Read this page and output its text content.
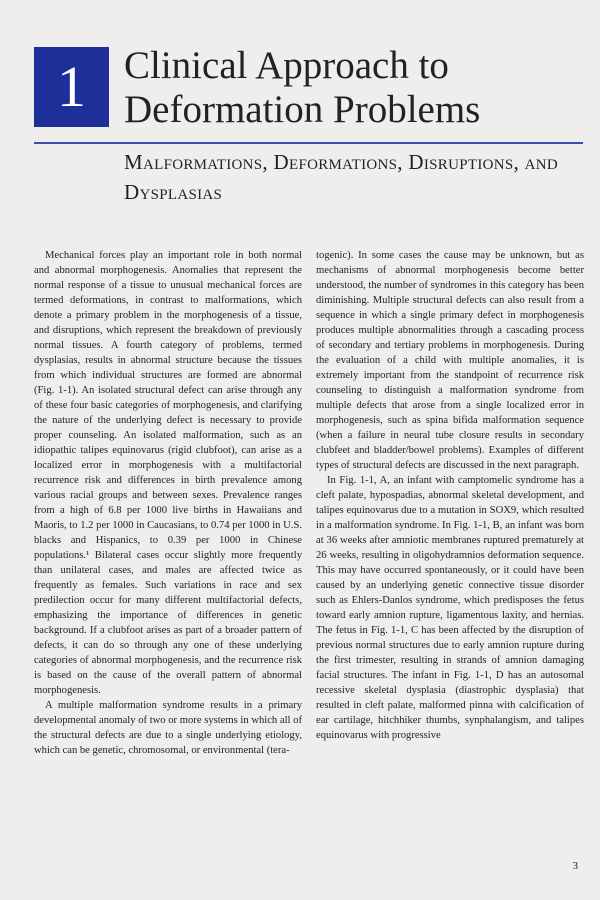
1 Clinical Approach to Deformation Problems
Malformations, Deformations, Disruptions, and Dysplasias

Mechanical forces play an important role in both normal and abnormal morphogenesis. Anomalies that represent the normal response of a tissue to unusual mechanical forces are termed deformations, in contrast to malformations, which denote a primary problem in the morphogenesis of a tissue, and disruptions, which represent the breakdown of previously normal tissues. A fourth category of problems, termed dysplasias, results in abnormal structure because the tissues from which individual structures are formed are abnormal (Fig. 1-1). An isolated structural defect can arise through any of these four basic categories of morphogenesis, and clarifying the nature of the underlying defect is necessary to provide proper counseling. An isolated malformation, such as an idiopathic talipes equinovarus (rigid clubfoot), can arise as a localized error in morphogenesis with a multifactorial recurrence risk and differences in birth prevalence among various racial groups and between sexes. Prevalence ranges from a high of 6.8 per 1000 live births in Hawaiians and Maoris, to 1.2 per 1000 in Caucasians, to 0.74 per 1000 in U.S. blacks and Hispanics, to 0.39 per 1000 in Chinese populations.¹ Bilateral cases occur slightly more frequently than unilateral cases, and males are affected twice as frequently as females. Such variations in race and sex predilection occur for many different multifactorial defects, emphasizing the importance of differences in genetic background. If a clubfoot arises as part of a broader pattern of defects, it can do so through any one of these underlying categories of abnormal morphogenesis, and the recurrence risk is based on the cause of the overall pattern of abnormal morphogenesis.

A multiple malformation syndrome results in a primary developmental anomaly of two or more systems in which all of the structural defects are due to a single underlying etiology, which can be genetic, chromosomal, or environmental (tera-

togenic). In some cases the cause may be unknown, but as mechanisms of abnormal morphogenesis become better understood, the number of syndromes in this category has been diminishing. Multiple structural defects can also result from a sequence in which a single primary defect in morphogenesis produces multiple abnormalities through a cascading process of secondary and tertiary problems in morphogenesis. During the evaluation of a child with multiple anomalies, it is extremely important from the standpoint of recurrence risk counseling to distinguish a malformation syndrome from multiple defects that arose from a single localized error in morphogenesis, such as spina bifida malformation sequence (when a failure in neural tube closure results in secondary clubfeet and bladder/bowel problems). Examples of different types of structural defects are discussed in the next paragraph.

In Fig. 1-1, A, an infant with camptomelic syndrome has a cleft palate, hypospadias, abnormal skeletal development, and talipes equinovarus due to a mutation in SOX9, which resulted in a malformation syndrome. In Fig. 1-1, B, an infant was born at 36 weeks after amniotic membranes ruptured prematurely at 26 weeks, resulting in oligohydramnios deformation sequence. This may have occurred spontaneously, or it could have been caused by an underlying genetic connective tissue disorder such as Ehlers-Danlos syndrome, which predisposes the fetus toward early amnion rupture, ligamentous laxity, and hernias. The fetus in Fig. 1-1, C has been affected by the disruption of previous normal structures due to early amnion rupture during the first trimester, resulting in strands of amnion damaging facial structures. The infant in Fig. 1-1, D has an autosomal recessive skeletal dysplasia (diastrophic dysplasia) that resulted in cleft palate, malformed pinna with calcification of ear cartilage, hitchhiker thumbs, synphalangism, and talipes equinovarus with progressive

3
